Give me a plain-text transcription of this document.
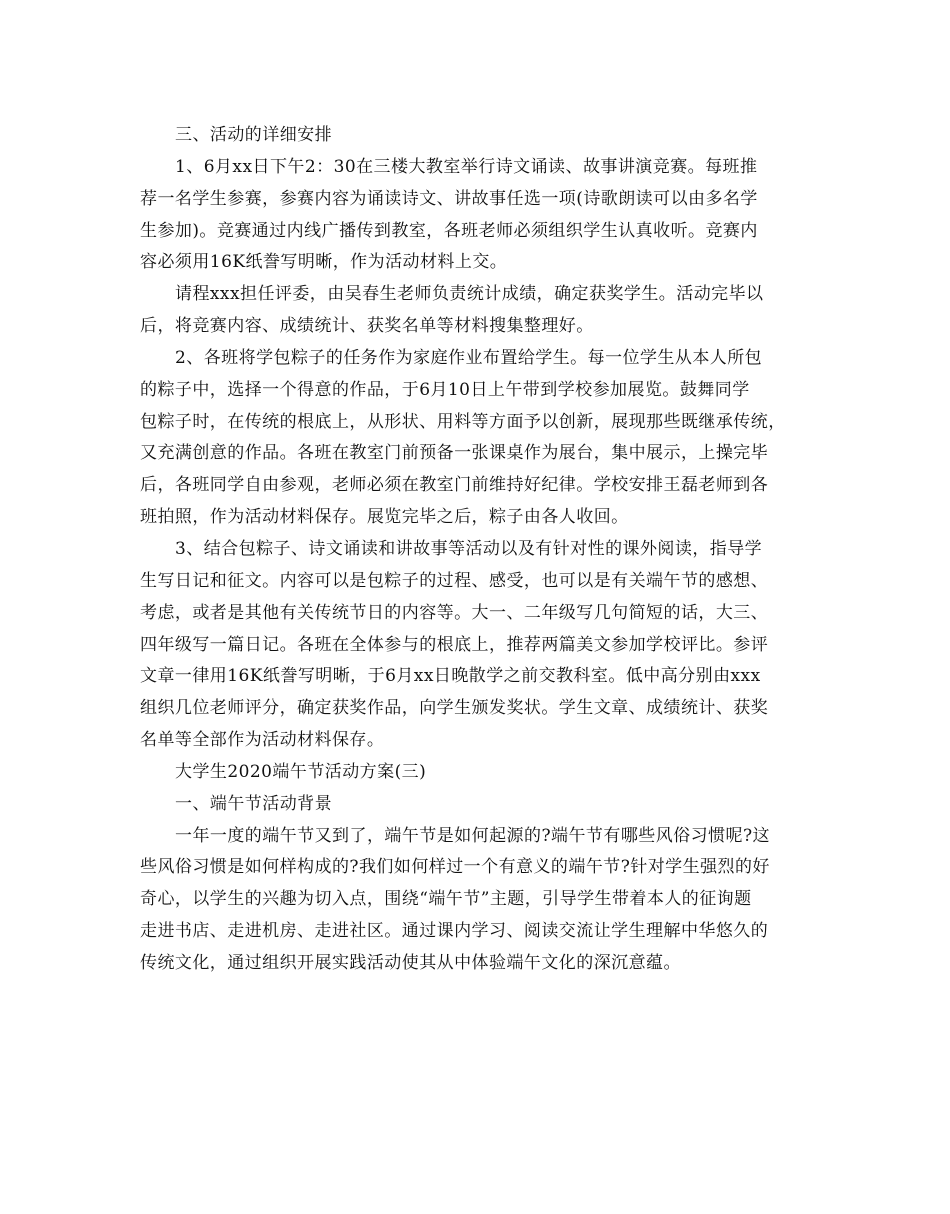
三、活动的详细安排
1、6月xx日下午2：30在三楼大教室举行诗文诵读、故事讲演竞赛。每班推
荐一名学生参赛，参赛内容为诵读诗文、讲故事任选一项(诗歌朗读可以由多名学
生参加)。竞赛通过内线广播传到教室，各班老师必须组织学生认真收听。竞赛内
容必须用16K纸誊写明晰，作为活动材料上交。
请程xxx担任评委，由吴春生老师负责统计成绩，确定获奖学生。活动完毕以
后，将竞赛内容、成绩统计、获奖名单等材料搜集整理好。
2、各班将学包粽子的任务作为家庭作业布置给学生。每一位学生从本人所包
的粽子中，选择一个得意的作品，于6月10日上午带到学校参加展览。鼓舞同学
包粽子时，在传统的根底上，从形状、用料等方面予以创新，展现那些既继承传统，
又充满创意的作品。各班在教室门前预备一张课桌作为展台，集中展示，上操完毕
后，各班同学自由参观，老师必须在教室门前维持好纪律。学校安排王磊老师到各
班拍照，作为活动材料保存。展览完毕之后，粽子由各人收回。
3、结合包粽子、诗文诵读和讲故事等活动以及有针对性的课外阅读，指导学
生写日记和征文。内容可以是包粽子的过程、感受，也可以是有关端午节的感想、
考虑，或者是其他有关传统节日的内容等。大一、二年级写几句简短的话，大三、
四年级写一篇日记。各班在全体参与的根底上，推荐两篇美文参加学校评比。参评
文章一律用16K纸誊写明晰，于6月xx日晚散学之前交教科室。低中高分别由xxx
组织几位老师评分，确定获奖作品，向学生颁发奖状。学生文章、成绩统计、获奖
名单等全部作为活动材料保存。
大学生2020端午节活动方案(三)
一、端午节活动背景
一年一度的端午节又到了，端午节是如何起源的?端午节有哪些风俗习惯呢?这
些风俗习惯是如何样构成的?我们如何样过一个有意义的端午节?针对学生强烈的好
奇心，以学生的兴趣为切入点，围绕“端午节”主题，引导学生带着本人的征询题
走进书店、走进机房、走进社区。通过课内学习、阅读交流让学生理解中华悠久的
传统文化，通过组织开展实践活动使其从中体验端午文化的深沉意蕴。
